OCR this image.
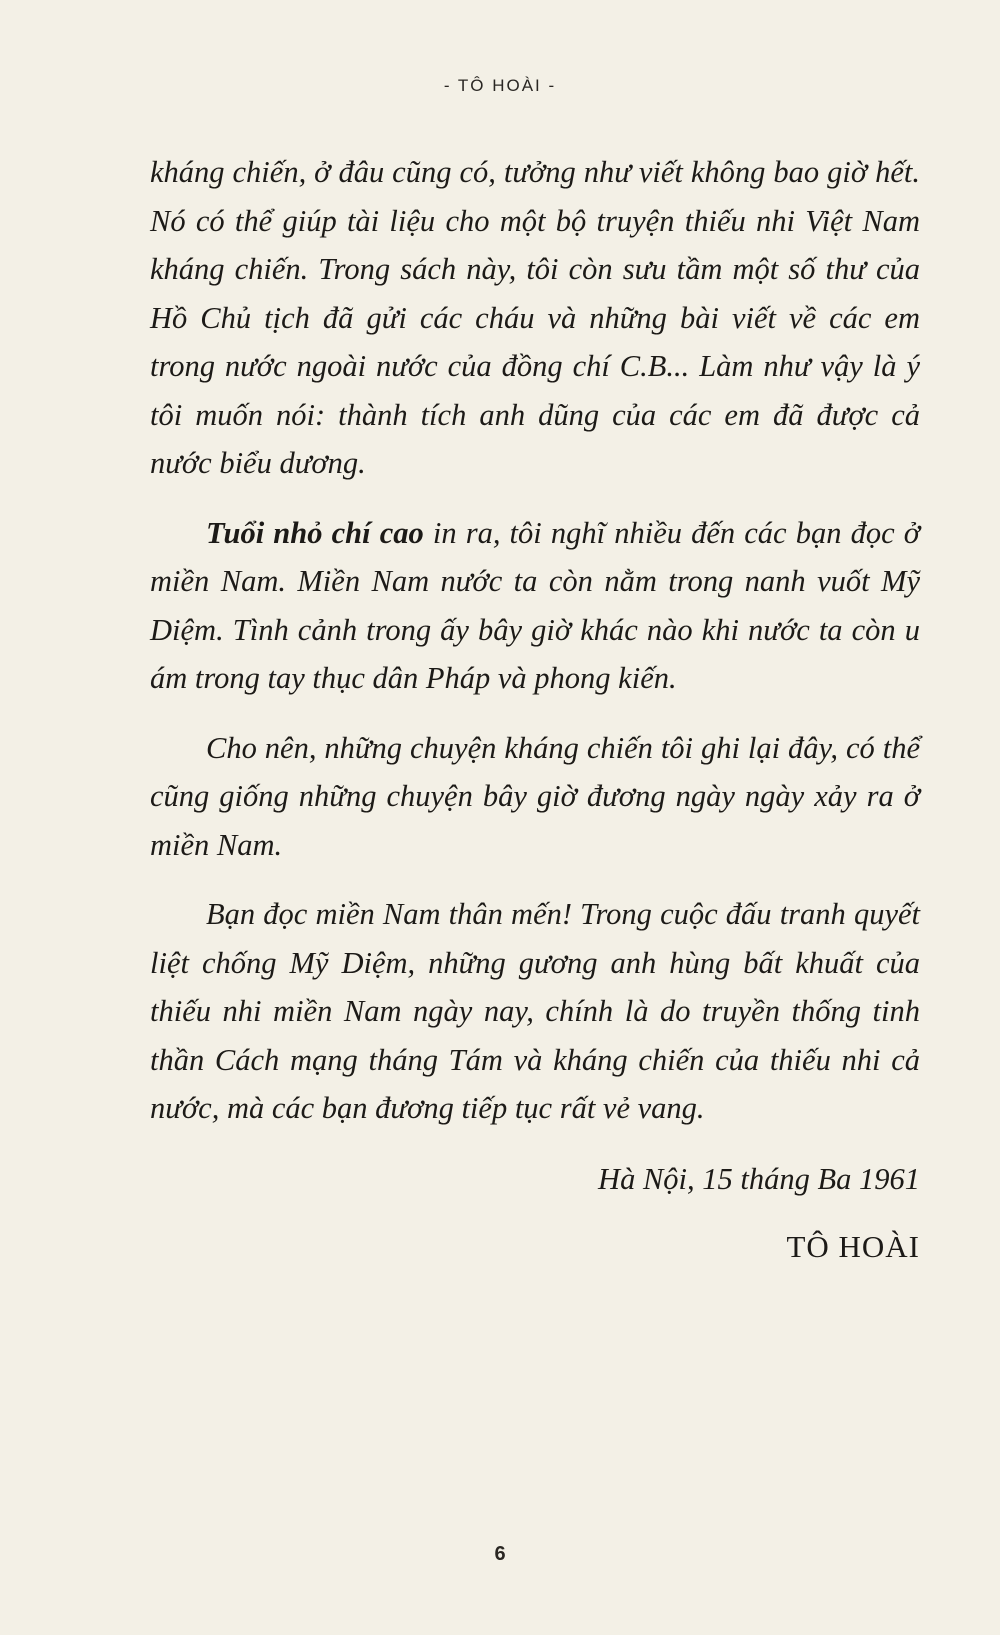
- TÔ HOÀI -

kháng chiến, ở đâu cũng có, tưởng như viết không bao giờ hết. Nó có thể giúp tài liệu cho một bộ truyện thiếu nhi Việt Nam kháng chiến. Trong sách này, tôi còn sưu tầm một số thư của Hồ Chủ tịch đã gửi các cháu và những bài viết về các em trong nước ngoài nước của đồng chí C.B... Làm như vậy là ý tôi muốn nói: thành tích anh dũng của các em đã được cả nước biểu dương.

Tuổi nhỏ chí cao in ra, tôi nghĩ nhiều đến các bạn đọc ở miền Nam. Miền Nam nước ta còn nằm trong nanh vuốt Mỹ Diệm. Tình cảnh trong ấy bây giờ khác nào khi nước ta còn u ám trong tay thục dân Pháp và phong kiến.

Cho nên, những chuyện kháng chiến tôi ghi lại đây, có thể cũng giống những chuyện bây giờ đương ngày ngày xảy ra ở miền Nam.

Bạn đọc miền Nam thân mến! Trong cuộc đấu tranh quyết liệt chống Mỹ Diệm, những gương anh hùng bất khuất của thiếu nhi miền Nam ngày nay, chính là do truyền thống tinh thần Cách mạng tháng Tám và kháng chiến của thiếu nhi cả nước, mà các bạn đương tiếp tục rất vẻ vang.

Hà Nội, 15 tháng Ba 1961
TÔ HOÀI
6
